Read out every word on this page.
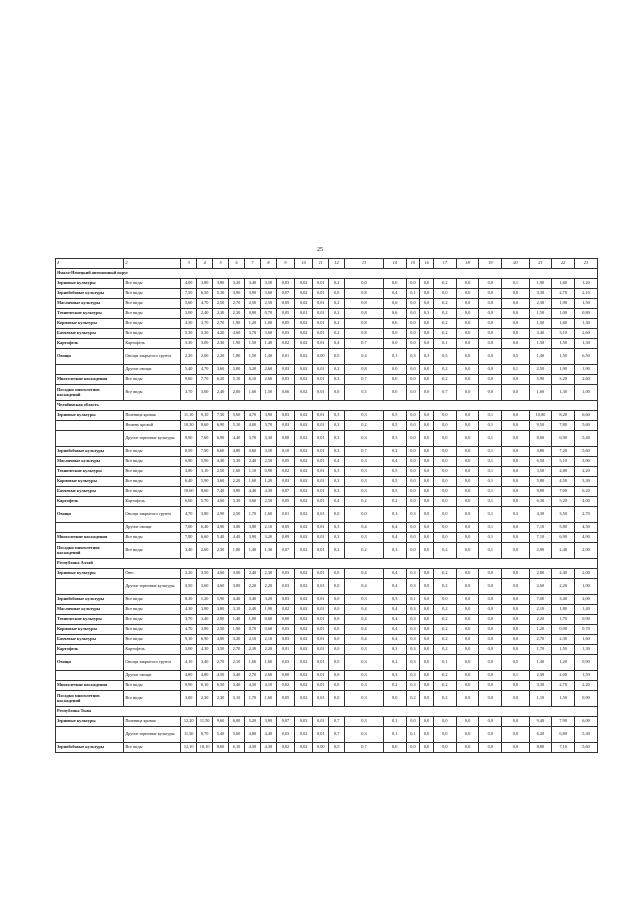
25
1	2	3	4	5	6	7	8	9	10	11	12	13	14	15	16	17	18	19	20	21	22	23
Ямало-Ненецкий автономный округ																						
Зерновые культуры	Все виды	4,00	3,80	3,90	3,20	3,40	3,50	0,03	0,02	0,01	0,2	0,0	0,0	0,0	0,0	0,2	0,0	0,0	0,1	1,90	1,60	1,20
Зернобобовые культуры	Все виды	7,50	6,50	5,30	3,90	3,90	3,60	0,07	0,02	0,01	0,0	0,8	0,4	0,1	0,0	0,0	0,0	0,0	0,0	3,30	2,70	2,10
Масличные культуры	Все виды	5,60	4,70	2,50	2,70	2,50	2,50	0,05	0,02	0,01	0,2	0,8	0,6	0,0	0,0	0,2	0,0	0,0	0,0	2,30	1,90	1,50
Технические культуры	Все виды	3,00	2,40	2,30	2,30	0,90	0,70	0,05	0,01	0,01	0,2	0,8	0,6	0,0	0,3	0,2	0,0	0,0	0,0	1,50	1,00	0,80
Кормовые культуры	Все виды	4,30	3,70	2,70	1,90	1,20	1,00	0,05	0,02	0,01	0,2	0,8	0,6	0,0	0,0	0,2	0,0	0,0	0,0	1,50	1,60	1,30
Бахчевые культуры	Все виды	5,30	3,30	4,20	4,60	3,70	3,60	0,03	0,02	0,01	0,2	0,8	0,0	0,0	0,0	0,2	0,0	0,0	0,0	3,40	3,10	2,60
Картофель	Картофель	3,30	3,00	2,30	1,90	1,50	1,40	0,02	0,02	0,01	0,4	0,7	0,0	0,0	0,0	0,1	0,0	0,0	0,0	1,50	1,50	1,30
Овощи	Овощи закрытого грунта	2,20	2,00	2,20	1,80	1,50	1,40	0,01	0,02	0,00	0,0	0,4	0,1	0,3	0,3	0,5	0,0	0,0	0,5	1,40	1,50	6,50
	Другие овощи	5,40	4,70	3,60	3,00	3,20	2,60	0,03	0,02	0,01	0,2	0,8	0,0	0,0	0,0	0,2	0,0	0,0	0,1	2,50	1,90	1,90
Многолетние насаждения	Все виды	9,60	7,70	6,20	5,10	6,10	2,60	0,03	0,02	0,01	0,3	0,7	0,0	0,0	0,0	0,2	0,0	0,0	0,0	5,90	3,20	2,60
Посадки многолетних насаждений	Все виды	3,70	3,00	2,40	2,00	1,60	1,50	0,06	0,02	0,01	0,0	0,5	0,0	0,0	0,0	0,7	0,0	0,0	0,0	1,60	1,30	1,00
Челябинская область																						
Зерновые культуры	Пшеница яровая	11,10	9,10	7,30	5,60	4,70	3,90	0,03	0,02	0,01	0,3	0,3	0,5	0,0	0,0	0,0	0,0	0,1	0,0	10,00	8,20	6,60
	Ячмень яровой	10,30	8,60	6,90	5,10	4,00	3,70	0,03	0,02	0,01	0,3	0,2	0,5	0,0	0,0	0,0	0,0	0,1	0,0	9,50	7,80	5,60
	Другие зерновые культуры	9,90	7,60	6,90	4,40	3,70	3,30	0,08	0,02	0,01	0,3	0,3	0,5	0,0	0,0	0,0	0,0	0,1	0,0	8,60	6,90	5,40
Зернобобовые культуры	Все виды	8,50	7,90	6,60	4,80	3,60	3,50	0,10	0,02	0,01	0,3	0,7	0,2	0,0	0,0	0,0	0,0	0,1	0,0	3,80	7,20	5,60
Масличные культуры	Все виды	6,90	5,90	4,30	3,30	2,40	2,50	0,05	0,02	0,01	0,4	0,3	0,4	0,0	0,0	0,0	0,0	0,1	0,0	6,50	5,10	3,90
Технические культуры	Все виды	3,80	3,10	2,50	1,60	1,10	0,90	0,02	0,02	0,01	0,3	0,3	0,5	0,0	0,0	0,0	0,0	0,1	0,0	3,50	2,80	2,20
Кормовые культуры	Все виды	6,40	5,90	3,60	2,20	1,60	1,20	0,03	0,02	0,01	0,3	0,3	0,5	0,0	0,0	0,0	0,0	0,1	0,0	5,80	4,50	3,30
Бахчевые культуры	Все виды	10,60	8,60	7,40	3,90	4,40	4,30	0,07	0,02	0,01	0,3	0,3	0,5	0,0	0,0	0,0	0,0	0,1	0,0	9,90	7,00	6,20
Картофель	Картофель	6,60	5,70	4,60	3,30	3,60	2,50	0,05	0,02	0,01	0,4	0,2	0,2	0,0	0,0	0,0	0,0	0,1	0,0	6,30	5,20	4,00
Овощи	Овощи закрытого грунта	4,70	3,80	2,90	2,50	1,70	1,60	0,01	0,02	0,01	0,0	0,0	0,3	0,3	0,0	0,0	0,0	0,1	0,3	4,30	3,50	2,70
	Другие овощи	7,00	6,40	4,90	3,80	3,80	2,10	0,05	0,02	0,01	0,3	0,4	0,4	0,0	0,0	0,0	0,0	0,1	0,0	7,10	5,80	4,50
Многолетние насаждения	Все виды	7,80	6,60	5,40	4,40	3,90	3,20	0,09	0,02	0,01	0,3	0,3	0,4	0,0	0,0	0,0	0,0	0,1	0,0	7,10	6,90	4,90
Посадки многолетних насаждений	Все виды	3,40	2,60	2,30	1,80	1,40	1,30	0,07	0,02	0,01	0,2	0,2	0,3	0,0	0,0	0,2	0,0	0,1	0,0	2,90	2,40	2,00
Республика Алтай																						
Зерновые культуры	Овес	3,20	3,50	4,60	3,00	2,40	2,30	0,03	0,02	0,01	0,0	0,4	0,4	0,3	0,0	0,2	0,0	0,0	0,0	2,80	2,40	2,00
	Другие зерновые культуры	3,50	3,60	4,60	3,00	2,20	2,20	0,03	0,02	0,01	0,0	0,4	0,4	0,3	0,0	0,2	0,0	0,0	0,0	2,60	2,20	1,90
Зернобобовые культуры	Все виды	8,30	1,20	5,90	4,40	3,40	3,20	0,03	0,02	0,01	0,0	0,3	0,3	0,1	0,0	0,0	0,0	0,0	0,0	7,00	3,40	2,00
Масличные культуры	Все виды	4,30	3,80	3,80	3,10	2,40	1,90	0,02	0,02	0,01	0,0	0,4	0,4	0,3	0,0	0,2	0,0	0,0	0,0	2,10	1,80	1,40
Технические культуры	Все виды	3,70	3,40	2,90	1,40	1,00	0,60	0,00	0,02	0,01	0,0	0,4	0,4	0,3	0,0	0,2	0,0	0,0	0,0	2,20	1,70	0,90
Кормовые культуры	Все виды	4,70	3,80	2,50	1,90	0,70	0,60	0,03	0,02	0,01	0,0	0,4	0,4	0,3	0,0	0,2	0,0	0,0	0,0	1,20	0,90	0,70
Бахчевые культуры	Все виды	9,10	6,90	4,80	3,20	2,10	2,10	0,03	0,02	0,01	0,0	0,4	0,4	0,3	0,0	0,2	0,0	0,0	0,0	2,70	2,30	1,60
Картофель	Картофель	3,00	4,30	3,50	2,70	2,30	2,20	0,01	0,02	0,01	0,0	0,3	0,3	0,3	0,0	0,2	0,0	0,0	0,0	1,70	1,50	1,30
Овощи	Овощи закрытого грунта	4,10	3,40	2,70	2,10	1,60	1,60	0,03	0,02	0,01	0,0	0,3	0,2	0,3	0,0	0,1	0,0	0,0	0,5	1,40	1,20	0,90
	Другие овощи	4,80	4,80	4,50	3,40	2,70	2,60	0,00	0,02	0,01	0,0	0,3	0,3	0,3	0,0	0,2	0,0	0,0	0,1	2,30	2,00	1,50
Многолетние насаждения	Все виды	9,90	8,10	6,50	3,40	4,30	4,10	0,02	0,02	0,01	0,0	0,3	0,2	0,3	0,0	0,2	0,0	0,0	0,0	3,30	2,70	2,20
Посадки многолетних насаждений	Все виды	3,00	2,30	2,30	3,10	1,70	1,60	0,05	0,02	0,01	0,0	0,3	0,0	0,2	0,0	0,2	0,0	0,0	0,0	1,10	1,50	0,90
Республика Тыва																						
Зерновые культуры	Пшеница яровая	12,20	11,50	9,60	6,00	5,20	3,90	0,07	0,03	0,01	0,7	0,3	0,1	0,0	0,0	0,0	0,0	0,0	0,0	9,40	7,90	6,00
	Другие зерновые культуры	11,50	8,70	5,40	5,60	4,80	4,40	0,03	0,02	0,01	0,7	0,3	0,1	0,1	0,0	0,0	0,0	0,0	0,0	6,20	6,80	5,30
Зернобобовые культуры	Все виды	12,10	10,10	8,60	6,10	4,30	4,30	0,02	0,02	0,00	0,5	0,7	0,0	0,0	0,0	0,0	0,0	0,0	0,0	8,80	7,10	5,60
